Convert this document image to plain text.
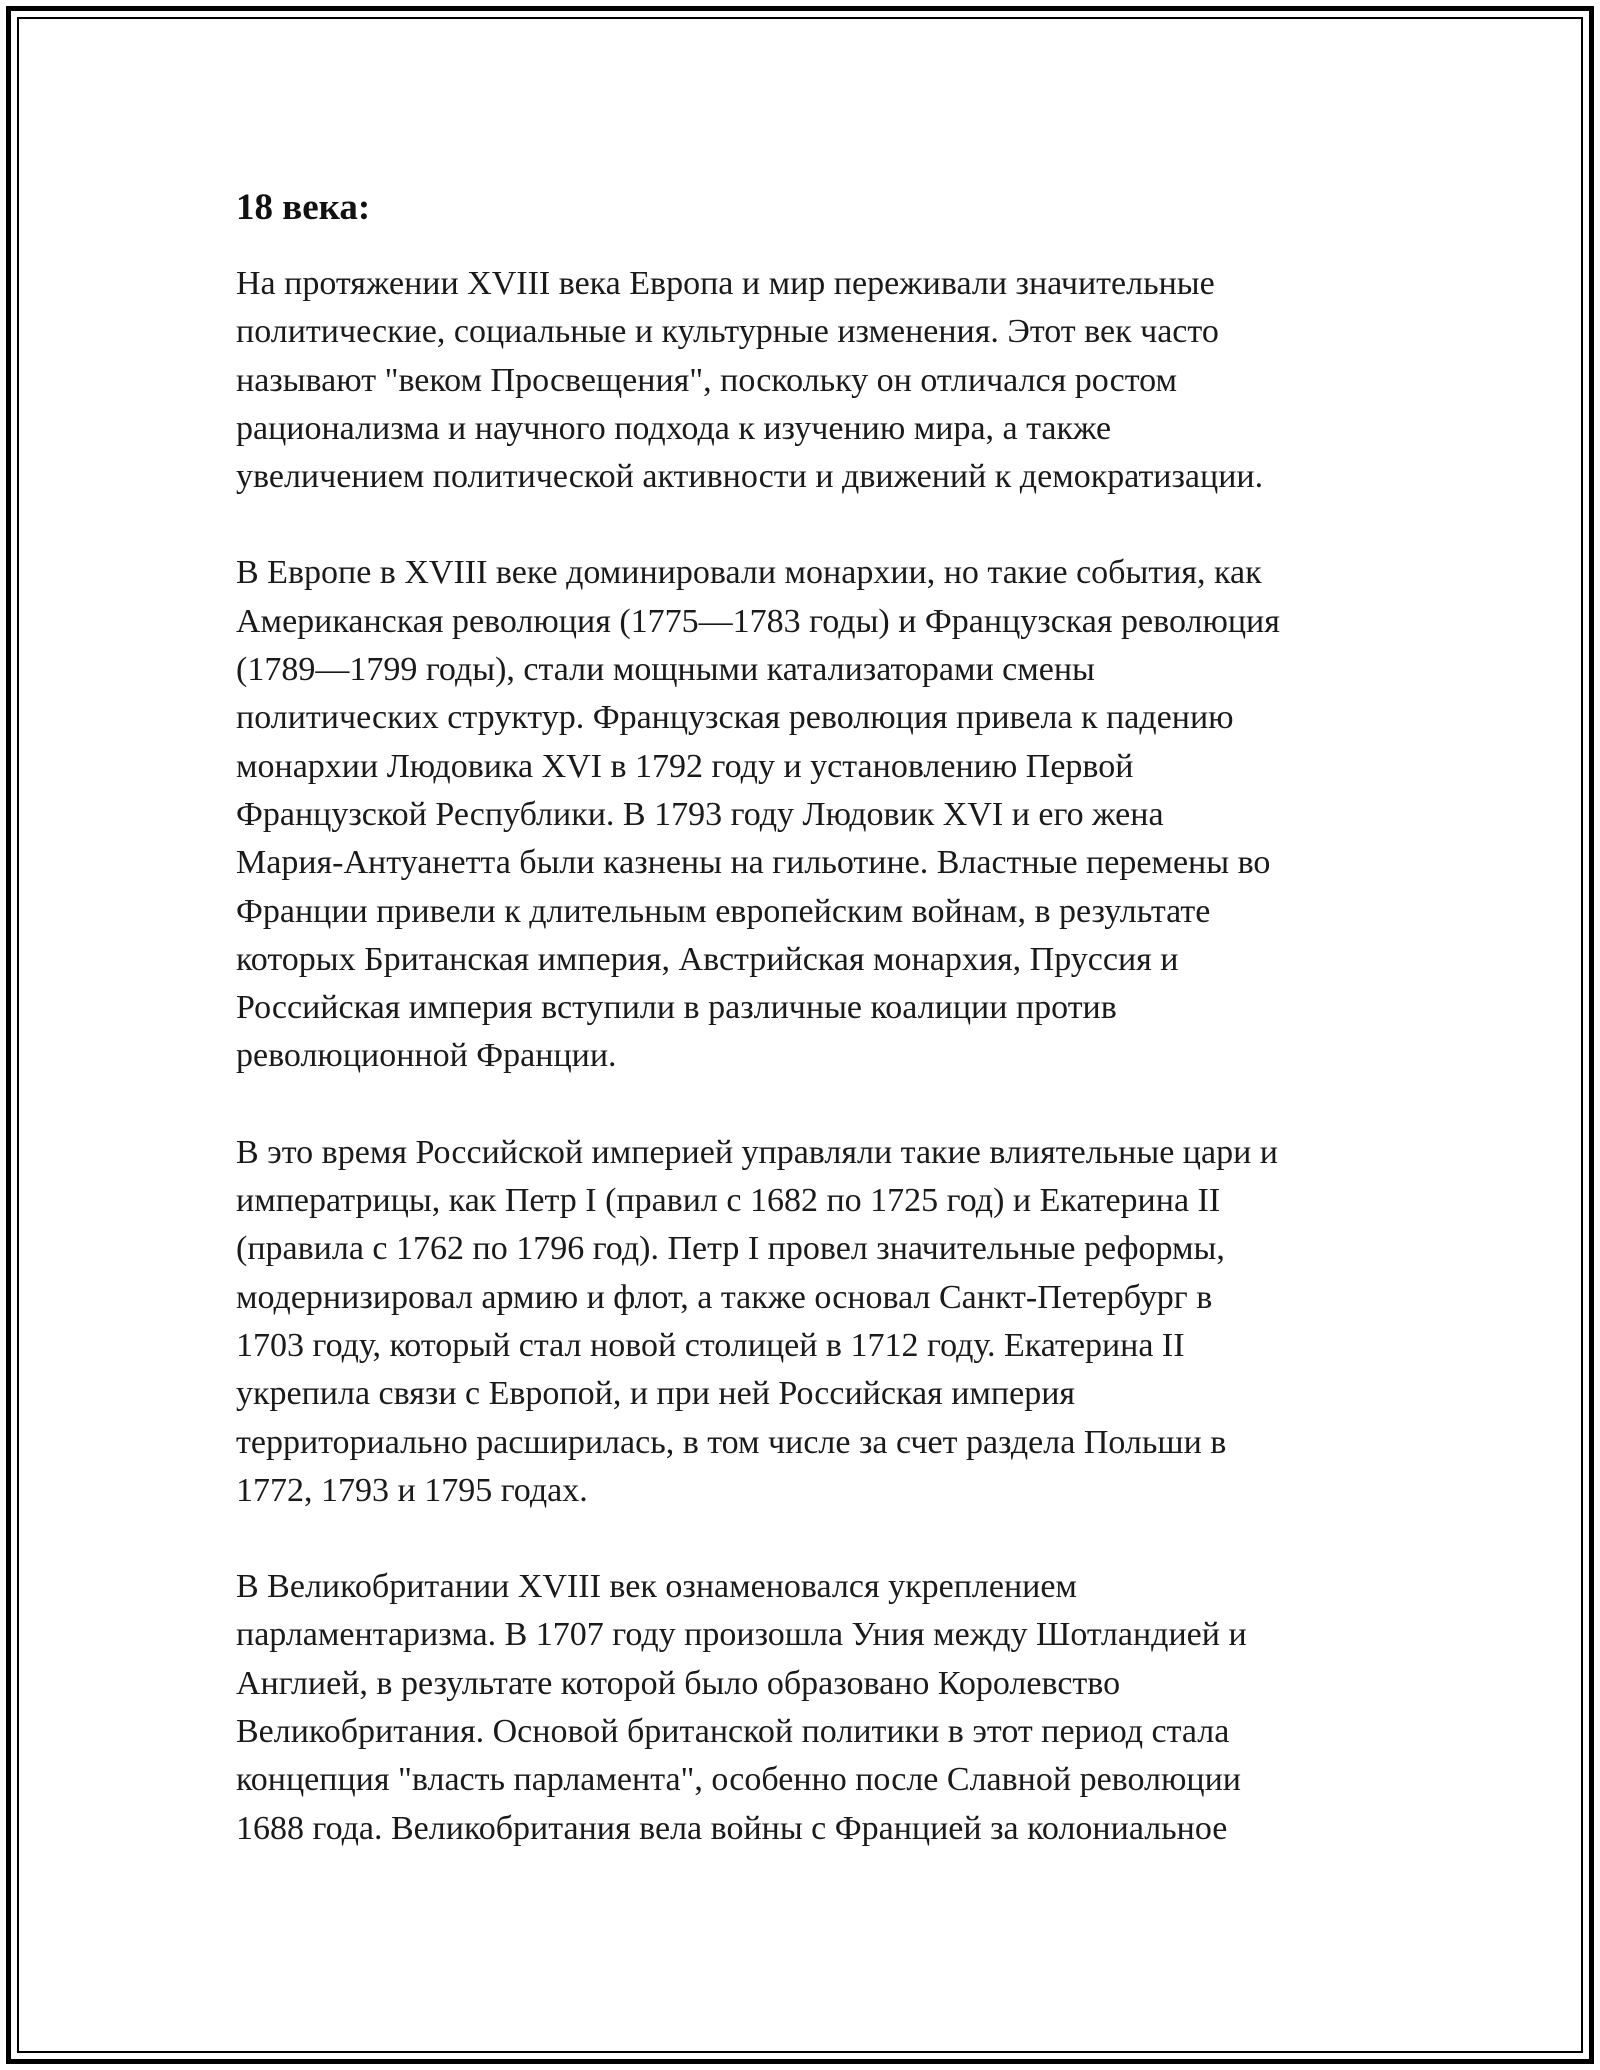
18 века:
На протяжении XVIII века Европа и мир переживали значительные
политические, социальные и культурные изменения. Этот век часто
называют "веком Просвещения", поскольку он отличался ростом
рационализма и научного подхода к изучению мира, а также
увеличением политической активности и движений к демократизации.
В Европе в XVIII веке доминировали монархии, но такие события, как
Американская революция (1775—1783 годы) и Французская революция
(1789—1799 годы), стали мощными катализаторами смены
политических структур. Французская революция привела к падению
монархии Людовика XVI в 1792 году и установлению Первой
Французской Республики. В 1793 году Людовик XVI и его жена
Мария-Антуанетта были казнены на гильотине. Властные перемены во
Франции привели к длительным европейским войнам, в результате
которых Британская империя, Австрийская монархия, Пруссия и
Российская империя вступили в различные коалиции против
революционной Франции.
В это время Российской империей управляли такие влиятельные цари и
императрицы, как Петр I (правил с 1682 по 1725 год) и Екатерина II
(правила с 1762 по 1796 год). Петр I провел значительные реформы,
модернизировал армию и флот, а также основал Санкт-Петербург в
1703 году, который стал новой столицей в 1712 году. Екатерина II
укрепила связи с Европой, и при ней Российская империя
территориально расширилась, в том числе за счет раздела Польши в
1772, 1793 и 1795 годах.
В Великобритании XVIII век ознаменовался укреплением
парламентаризма. В 1707 году произошла Уния между Шотландией и
Англией, в результате которой было образовано Королевство
Великобритания. Основой британской политики в этот период стала
концепция "власть парламента", особенно после Славной революции
1688 года. Великобритания вела войны с Францией за колониальное
